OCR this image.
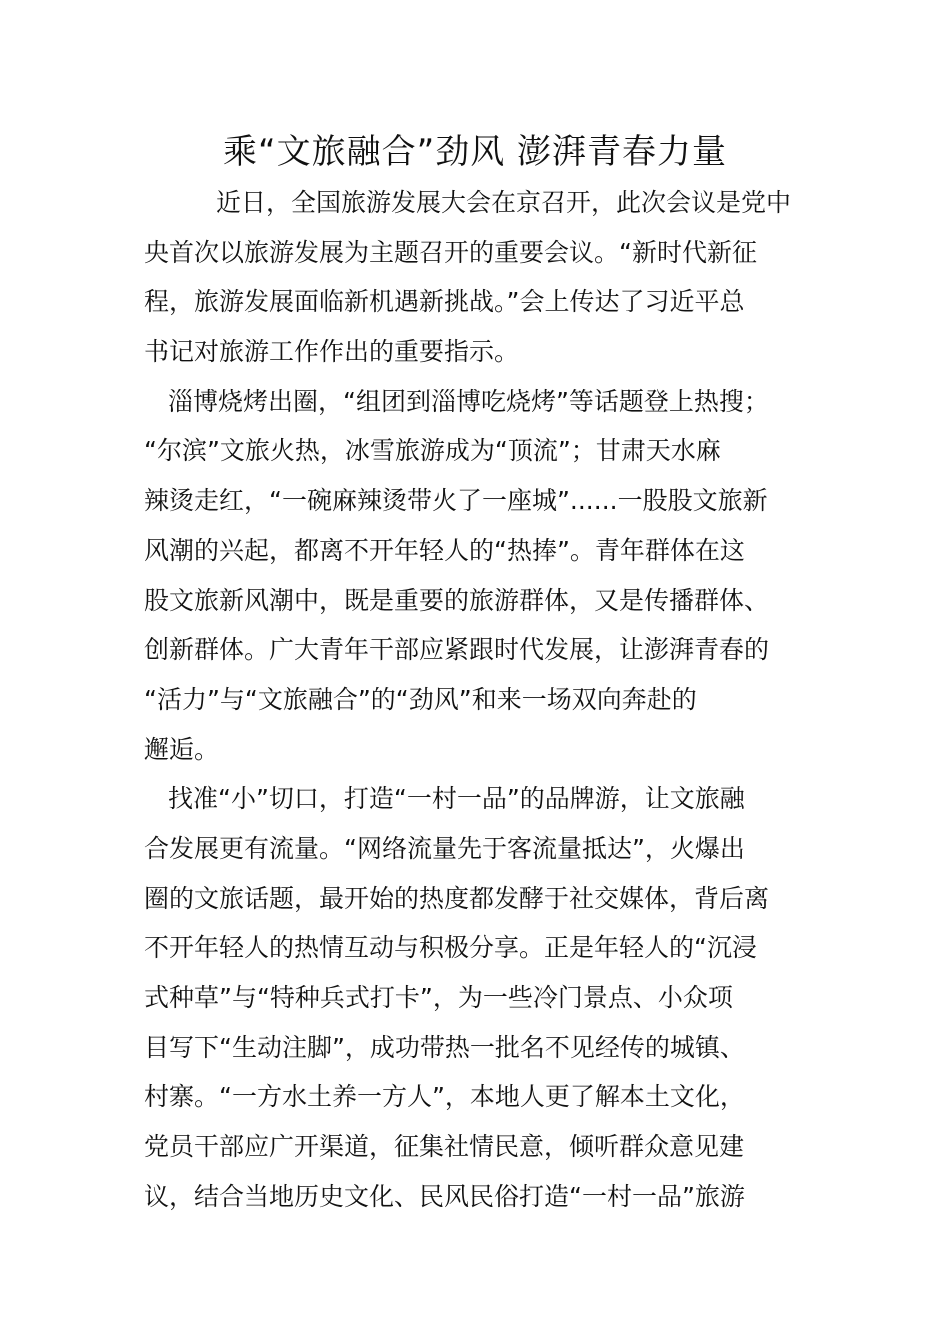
乘“文旅融合”劲风 澎湃青春力量
近日，全国旅游发展大会在京召开，此次会议是党中
央首次以旅游发展为主题召开的重要会议。“新时代新征
程，旅游发展面临新机遇新挑战。”会上传达了习近平总
书记对旅游工作作出的重要指示。
淄博烧烤出圈，“组团到淄博吃烧烤”等话题登上热搜；
“尔滨”文旅火热，冰雪旅游成为“顶流”；甘肃天水麻
辣烫走红，“一碗麻辣烫带火了一座城”......一股股文旅新
风潮的兴起，都离不开年轻人的“热捧”。青年群体在这
股文旅新风潮中，既是重要的旅游群体，又是传播群体、
创新群体。广大青年干部应紧跟时代发展，让澎湃青春的
“活力”与“文旅融合”的“劲风”和来一场双向奔赴的
邂逅。
找准“小”切口，打造“一村一品”的品牌游，让文旅融
合发展更有流量。“网络流量先于客流量抵达”，火爆出
圈的文旅话题，最开始的热度都发酵于社交媒体，背后离
不开年轻人的热情互动与积极分享。正是年轻人的“沉浸
式种草”与“特种兵式打卡”，为一些冷门景点、小众项
目写下“生动注脚”，成功带热一批名不见经传的城镇、
村寨。“一方水土养一方人”，本地人更了解本土文化，
党员干部应广开渠道，征集社情民意，倾听群众意见建
议，结合当地历史文化、民风民俗打造“一村一品”旅游
